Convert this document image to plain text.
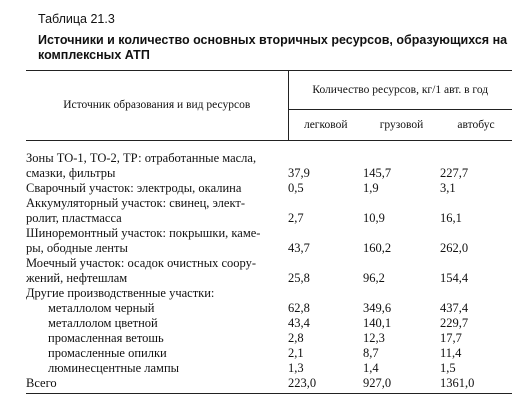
Таблица 21.3
Источники и количество основных вторичных ресурсов, образующихся на комплексных АТП
Источник образования и вид ресурсов	Количество ресурсов, кг/1 авт. в год		
	легковой	грузовой	автобус

Зоны ТО-1, ТО-2, ТР: отработанные масла,
смазки, фильтры	37,9	145,7	227,7
Сварочный участок: электроды, окалина	0,5	1,9	3,1
Аккумуляторный участок: свинец, элект-
ролит, пластмасса	2,7	10,9	16,1
Шиноремонтный участок: покрышки, каме-
ры, ободные ленты	43,7	160,2	262,0
Моечный участок: осадок очистных соору-
жений, нефтешлам	25,8	96,2	154,4
Другие производственные участки:			
металлолом черный	62,8	349,6	437,4
металлолом цветной	43,4	140,1	229,7
промасленная ветошь	2,8	12,3	17,7
промасленные опилки	2,1	8,7	11,4
люминесцентные лампы	1,3	1,4	1,5
Всего	223,0	927,0	1361,0
